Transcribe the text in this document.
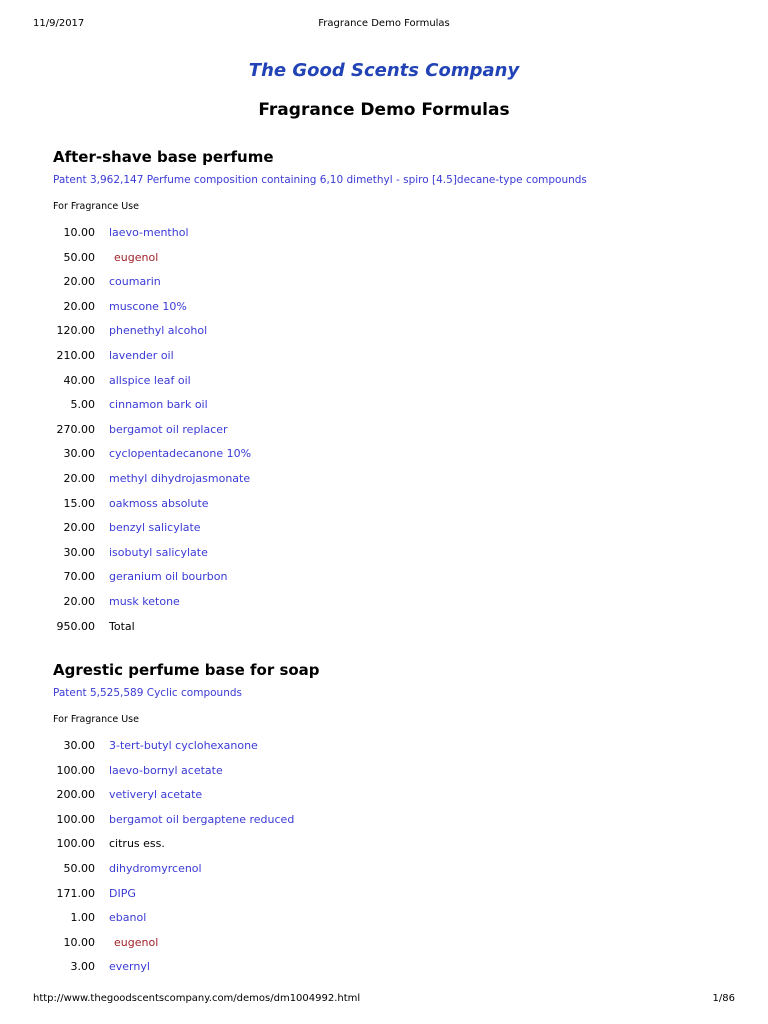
11/9/2017	Fragrance Demo Formulas
The Good Scents Company
Fragrance Demo Formulas
After-shave base perfume
Patent 3,962,147 Perfume composition containing 6,10 dimethyl - spiro [4.5]decane-type compounds
For Fragrance Use
10.00 laevo-menthol
50.00	eugenol
20.00 coumarin
20.00 muscone 10%
120.00 phenethyl alcohol
210.00 lavender oil
40.00 allspice leaf oil
5.00 cinnamon bark oil
270.00 bergamot oil replacer
30.00 cyclopentadecanone 10%
20.00 methyl dihydrojasmonate
15.00 oakmoss absolute
20.00 benzyl salicylate
30.00 isobutyl salicylate
70.00 geranium oil bourbon
20.00 musk ketone
950.00 Total
Agrestic perfume base for soap
Patent 5,525,589 Cyclic compounds
For Fragrance Use
30.00 3-tert-butyl cyclohexanone
100.00 laevo-bornyl acetate
200.00 vetiveryl acetate
100.00 bergamot oil bergaptene reduced
100.00 citrus ess.
50.00 dihydromyrcenol
171.00 DIPG
1.00 ebanol
10.00	eugenol
3.00 evernyl
http://www.thegoodscentscompany.com/demos/dm1004992.html	1/86
